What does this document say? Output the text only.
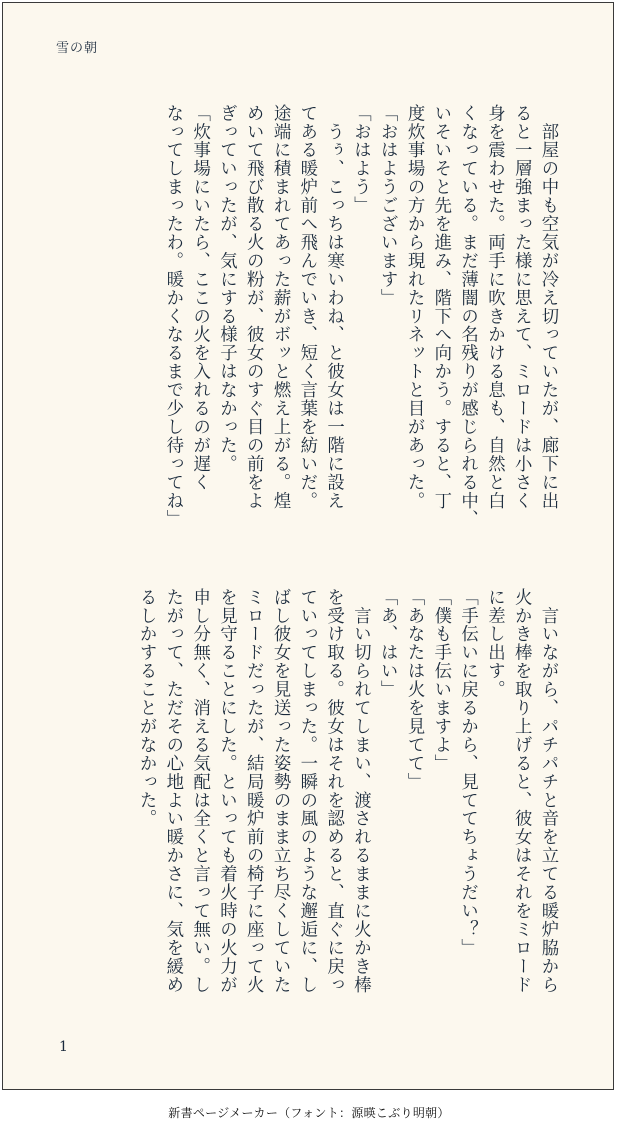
雪の朝

　部屋の中も空気が冷え切っていたが、廊下に出

ると一層強まった様に思えて、ミロードは小さく

身を震わせた。両手に吹きかける息も、自然と白

くなっている。まだ薄闇の名残りが感じられる中、

いそいそと先を進み、階下へ向かう。すると、丁

度炊事場の方から現れたリネットと目があった。

「おはようございます」

「おはよう」

　うぅ、こっちは寒いわね、と彼女は一階に設え

てある暖炉前へ飛んでいき、短く言葉を紡いだ。

途端に積まれてあった薪がボッと燃え上がる。煌

めいて飛び散る火の粉が、彼女のすぐ目の前をよ

ぎっていったが、気にする様子はなかった。

「炊事場にいたら、ここの火を入れるのが遅く

なってしまったわ。暖かくなるまで少し待ってね」

　言いながら、パチパチと音を立てる暖炉脇から

火かき棒を取り上げると、彼女はそれをミロード

に差し出す。

「手伝いに戻るから、見ててちょうだい？」

「僕も手伝いますよ」

「あなたは火を見てて」

「あ、はい」

　言い切られてしまい、渡されるままに火かき棒

を受け取る。彼女はそれを認めると、直ぐに戻っ

ていってしまった。一瞬の風のような邂逅に、し

ばし彼女を見送った姿勢のまま立ち尽くしていた

ミロードだったが、結局暖炉前の椅子に座って火

を見守ることにした。といっても着火時の火力が

申し分無く、消える気配は全くと言って無い。し

たがって、ただその心地よい暖かさに、気を緩め

るしかすることがなかった。

1
新書ページメーカー（フォント：源暎こぶり明朝）
